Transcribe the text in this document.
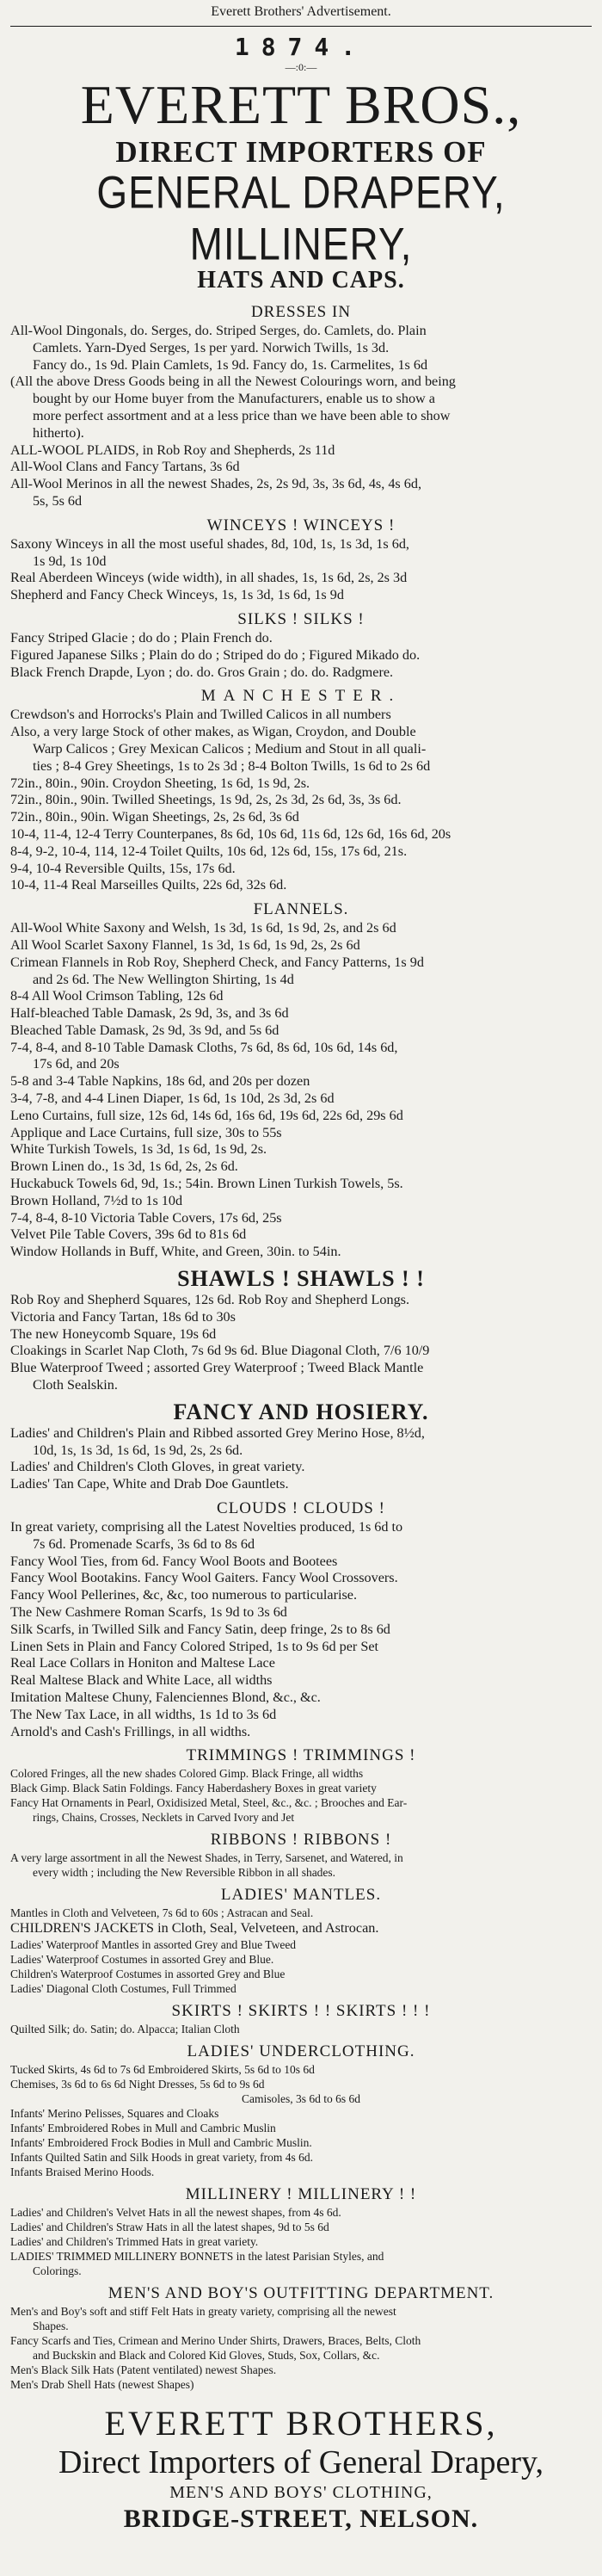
Everett Brothers' Advertisement.
1874.
—:0:—
EVERETT BROS.,
DIRECT IMPORTERS OF
GENERAL DRAPERY, MILLINERY,
HATS AND CAPS.
DRESSES IN
All-Wool Dingonals, do. Serges, do. Striped Serges, do. Camlets, do. Plain
Camlets. Yarn-Dyed Serges, 1s per yard. Norwich Twills, 1s 3d.
Fancy do., 1s 9d. Plain Camlets, 1s 9d. Fancy do, 1s. Carmelites, 1s 6d
(All the above Dress Goods being in all the Newest Colourings worn, and being
bought by our Home buyer from the Manufacturers, enable us to show a
more perfect assortment and at a less price than we have been able to show
hitherto).
ALL-WOOL PLAIDS, in Rob Roy and Shepherds, 2s 11d
All-Wool Clans and Fancy Tartans, 3s 6d
All-Wool Merinos in all the newest Shades, 2s, 2s 9d, 3s, 3s 6d, 4s, 4s 6d,
5s, 5s 6d
WINCEYS ! WINCEYS !
Saxony Winceys in all the most useful shades, 8d, 10d, 1s, 1s 3d, 1s 6d,
1s 9d, 1s 10d
Real Aberdeen Winceys (wide width), in all shades, 1s, 1s 6d, 2s, 2s 3d
Shepherd and Fancy Check Winceys, 1s, 1s 3d, 1s 6d, 1s 9d
SILKS ! SILKS !
Fancy Striped Glacie ; do do ; Plain French do.
Figured Japanese Silks ; Plain do do ; Striped do do ; Figured Mikado do.
Black French Drapde, Lyon ; do. do. Gros Grain ; do. do. Radgmere.
MANCHESTER.
Crewdson's and Horrocks's Plain and Twilled Calicos in all numbers
Also, a very large Stock of other makes, as Wigan, Croydon, and Double
Warp Calicos ; Grey Mexican Calicos ; Medium and Stout in all quali-
ties ; 8-4 Grey Sheetings, 1s to 2s 3d ; 8-4 Bolton Twills, 1s 6d to 2s 6d
72in., 80in., 90in. Croydon Sheeting, 1s 6d, 1s 9d, 2s.
72in., 80in., 90in. Twilled Sheetings, 1s 9d, 2s, 2s 3d, 2s 6d, 3s, 3s 6d.
72in., 80in., 90in. Wigan Sheetings, 2s, 2s 6d, 3s 6d
10-4, 11-4, 12-4 Terry Counterpanes, 8s 6d, 10s 6d, 11s 6d, 12s 6d, 16s 6d, 20s
8-4, 9-2, 10-4, 114, 12-4 Toilet Quilts, 10s 6d, 12s 6d, 15s, 17s 6d, 21s.
9-4, 10-4 Reversible Quilts, 15s, 17s 6d.
10-4, 11-4 Real Marseilles Quilts, 22s 6d, 32s 6d.
FLANNELS.
All-Wool White Saxony and Welsh, 1s 3d, 1s 6d, 1s 9d, 2s, and 2s 6d
All Wool Scarlet Saxony Flannel, 1s 3d, 1s 6d, 1s 9d, 2s, 2s 6d
Crimean Flannels in Rob Roy, Shepherd Check, and Fancy Patterns, 1s 9d
and 2s 6d. The New Wellington Shirting, 1s 4d
8-4 All Wool Crimson Tabling, 12s 6d
Half-bleached Table Damask, 2s 9d, 3s, and 3s 6d
Bleached Table Damask, 2s 9d, 3s 9d, and 5s 6d
7-4, 8-4, and 8-10 Table Damask Cloths, 7s 6d, 8s 6d, 10s 6d, 14s 6d,
17s 6d, and 20s
5-8 and 3-4 Table Napkins, 18s 6d, and 20s per dozen
3-4, 7-8, and 4-4 Linen Diaper, 1s 6d, 1s 10d, 2s 3d, 2s 6d
Leno Curtains, full size, 12s 6d, 14s 6d, 16s 6d, 19s 6d, 22s 6d, 29s 6d
Applique and Lace Curtains, full size, 30s to 55s
White Turkish Towels, 1s 3d, 1s 6d, 1s 9d, 2s.
Brown Linen do., 1s 3d, 1s 6d, 2s, 2s 6d.
Huckabuck Towels 6d, 9d, 1s.; 54in. Brown Linen Turkish Towels, 5s.
Brown Holland, 7½d to 1s 10d
7-4, 8-4, 8-10 Victoria Table Covers, 17s 6d, 25s
Velvet Pile Table Covers, 39s 6d to 81s 6d
Window Hollands in Buff, White, and Green, 30in. to 54in.
SHAWLS ! SHAWLS ! !
Rob Roy and Shepherd Squares, 12s 6d. Rob Roy and Shepherd Longs.
Victoria and Fancy Tartan, 18s 6d to 30s
The new Honeycomb Square, 19s 6d
Cloakings in Scarlet Nap Cloth, 7s 6d 9s 6d. Blue Diagonal Cloth, 7/6 10/9
Blue Waterproof Tweed ; assorted Grey Waterproof ; Tweed Black Mantle
Cloth Sealskin.
FANCY AND HOSIERY.
Ladies' and Children's Plain and Ribbed assorted Grey Merino Hose, 8½d,
10d, 1s, 1s 3d, 1s 6d, 1s 9d, 2s, 2s 6d.
Ladies' and Children's Cloth Gloves, in great variety.
Ladies' Tan Cape, White and Drab Doe Gauntlets.
CLOUDS ! CLOUDS !
In great variety, comprising all the Latest Novelties produced, 1s 6d to
7s 6d. Promenade Scarfs, 3s 6d to 8s 6d
Fancy Wool Ties, from 6d. Fancy Wool Boots and Bootees
Fancy Wool Bootakins. Fancy Wool Gaiters. Fancy Wool Crossovers.
Fancy Wool Pellerines, &c, &c, too numerous to particularise.
The New Cashmere Roman Scarfs, 1s 9d to 3s 6d
Silk Scarfs, in Twilled Silk and Fancy Satin, deep fringe, 2s to 8s 6d
Linen Sets in Plain and Fancy Colored Striped, 1s to 9s 6d per Set
Real Lace Collars in Honiton and Maltese Lace
Real Maltese Black and White Lace, all widths
Imitation Maltese Chuny, Falenciennes Blond, &c., &c.
The New Tax Lace, in all widths, 1s 1d to 3s 6d
Arnold's and Cash's Frillings, in all widths.
TRIMMINGS ! TRIMMINGS !
Colored Fringes, all the new shades Colored Gimp. Black Fringe, all widths
Black Gimp. Black Satin Foldings. Fancy Haberdashery Boxes in great variety
Fancy Hat Ornaments in Pearl, Oxidisized Metal, Steel, &c., &c. ; Brooches and Ear-
rings, Chains, Crosses, Necklets in Carved Ivory and Jet
RIBBONS ! RIBBONS !
A very large assortment in all the Newest Shades, in Terry, Sarsenet, and Watered, in
every width ; including the New Reversible Ribbon in all shades.
LADIES' MANTLES.
Mantles in Cloth and Velveteen, 7s 6d to 60s ; Astracan and Seal.
CHILDREN'S JACKETS in Cloth, Seal, Velveteen, and Astrocan.
Ladies' Waterproof Mantles in assorted Grey and Blue Tweed
Ladies' Waterproof Costumes in assorted Grey and Blue.
Children's Waterproof Costumes in assorted Grey and Blue
Ladies' Diagonal Cloth Costumes, Full Trimmed
SKIRTS ! SKIRTS ! ! SKIRTS ! ! !
Quilted Silk; do. Satin; do. Alpacca; Italian Cloth
LADIES' UNDERCLOTHING.
Tucked Skirts, 4s 6d to 7s 6d Embroidered Skirts, 5s 6d to 10s 6d
Chemises, 3s 6d to 6s 6d Night Dresses, 5s 6d to 9s 6d
Camisoles, 3s 6d to 6s 6d
Infants' Merino Pelisses, Squares and Cloaks
Infants' Embroidered Robes in Mull and Cambric Muslin
Infants' Embroidered Frock Bodies in Mull and Cambric Muslin.
Infants Quilted Satin and Silk Hoods in great variety, from 4s 6d.
Infants Braised Merino Hoods.
MILLINERY ! MILLINERY ! !
Ladies' and Children's Velvet Hats in all the newest shapes, from 4s 6d.
Ladies' and Children's Straw Hats in all the latest shapes, 9d to 5s 6d
Ladies' and Children's Trimmed Hats in great variety.
LADIES' TRIMMED MILLINERY BONNETS in the latest Parisian Styles, and
Colorings.
MEN'S AND BOY'S OUTFITTING DEPARTMENT.
Men's and Boy's soft and stiff Felt Hats in greaty variety, comprising all the newest
Shapes.
Fancy Scarfs and Ties, Crimean and Merino Under Shirts, Drawers, Braces, Belts, Cloth
and Buckskin and Black and Colored Kid Gloves, Studs, Sox, Collars, &c.
Men's Black Silk Hats (Patent ventilated) newest Shapes.
Men's Drab Shell Hats (newest Shapes)
EVERETT BROTHERS,
Direct Importers of General Drapery,
MEN'S AND BOYS' CLOTHING,
BRIDGE-STREET, NELSON.
